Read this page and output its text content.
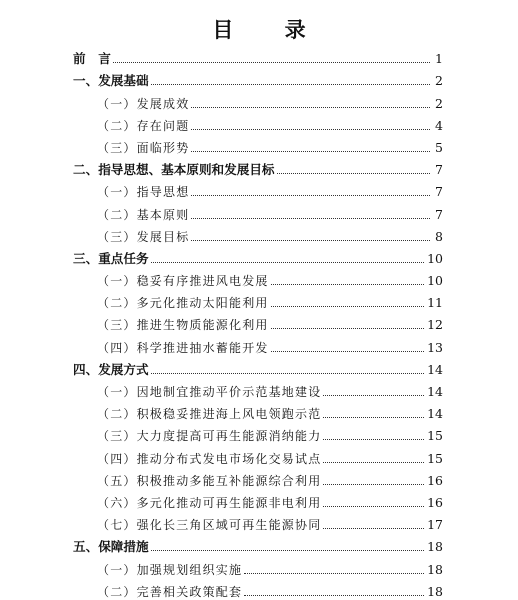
目 录
前　言	1
一、发展基础	2
（一）发展成效	2
（二）存在问题	4
（三）面临形势	5
二、指导思想、基本原则和发展目标	7
（一）指导思想	7
（二）基本原则	7
（三）发展目标	8
三、重点任务	10
（一）稳妥有序推进风电发展	10
（二）多元化推动太阳能利用	11
（三）推进生物质能源化利用	12
（四）科学推进抽水蓄能开发	13
四、发展方式	14
（一）因地制宜推动平价示范基地建设	14
（二）积极稳妥推进海上风电领跑示范	14
（三）大力度提高可再生能源消纳能力	15
（四）推动分布式发电市场化交易试点	15
（五）积极推动多能互补能源综合利用	16
（六）多元化推动可再生能源非电利用	16
（七）强化长三角区域可再生能源协同	17
五、保障措施	18
（一）加强规划组织实施	18
（二）完善相关政策配套	18
